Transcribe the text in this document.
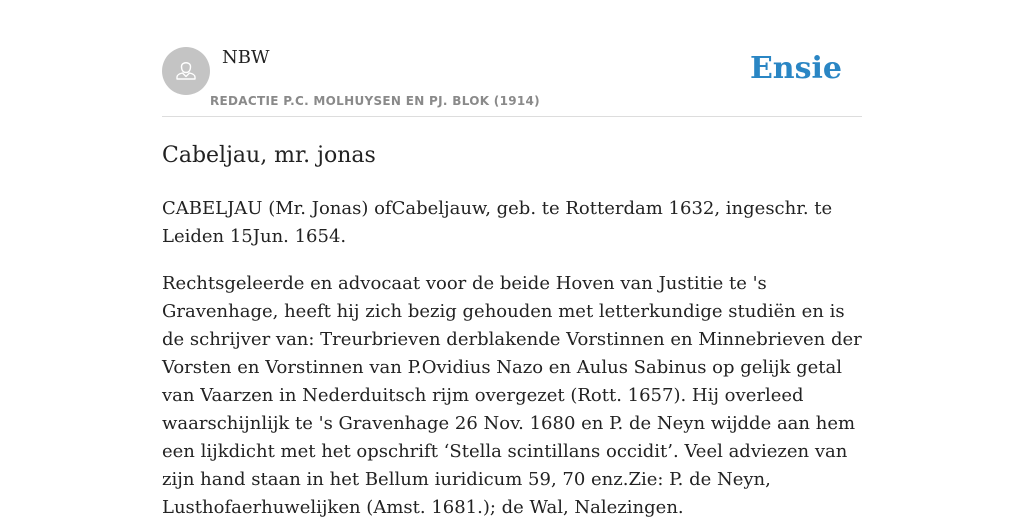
NBW
REDACTIE P.C. MOLHUYSEN EN PJ. BLOK (1914)
Ensie
Cabeljau, mr. jonas

CABELJAU (Mr. Jonas) ofCabeljauw, geb. te Rotterdam 1632, ingeschr. te Leiden 15Jun. 1654.

Rechtsgeleerde en advocaat voor de beide Hoven van Justitie te 's Gravenhage, heeft hij zich bezig gehouden met letterkundige studiën en is de schrijver van: Treurbrieven derblakende Vorstinnen en Minnebrieven der Vorsten en Vorstinnen van P.Ovidius Nazo en Aulus Sabinus op gelijk getal van Vaarzen in Nederduitsch rijm overgezet (Rott. 1657). Hij overleed waarschijnlijk te 's Gravenhage 26 Nov. 1680 en P. de Neyn wijdde aan hem een lijkdicht met het opschrift ‘Stella scintillans occidit’. Veel adviezen van zijn hand staan in het Bellum iuridicum 59, 70 enz.Zie: P. de Neyn, Lusthofaerhuwelijken (Amst. 1681.); de Wal, Nalezingen.
